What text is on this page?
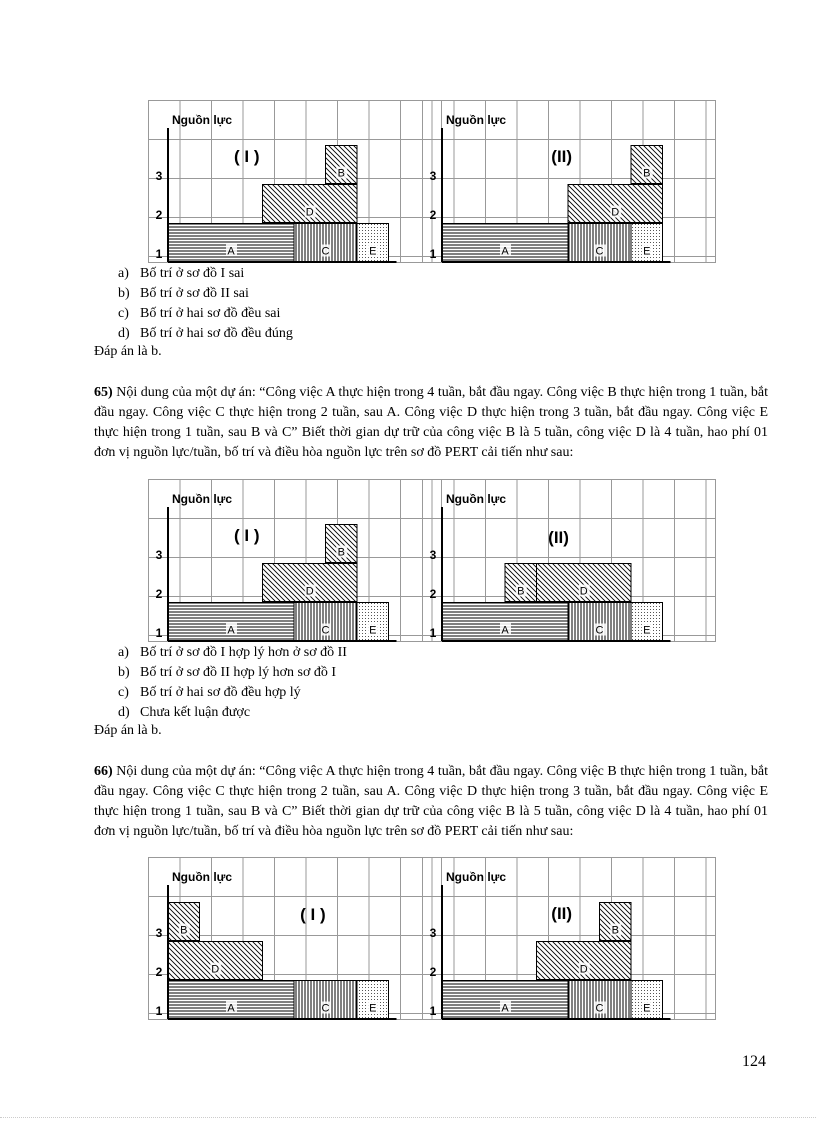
Nguồn lực
A	C	E
D
B
1
2
3
( I )
Nguồn lực
A	C	E
D
B
1
2
3
(II)
a) Bố trí ở sơ đồ I sai
b) Bố trí ở sơ đồ II sai
c) Bố trí ở hai sơ đồ đều sai
d) Bố trí ở hai sơ đồ đều đúng
Đáp án là b.
65) Nội dung của một dự án: “Công việc A thực hiện trong 4 tuần, bắt đầu ngay. Công việc B thực hiện trong 1 tuần, bắt đầu ngay. Công việc C thực hiện trong 2 tuần, sau A. Công việc D thực hiện trong 3 tuần, bắt đầu ngay. Công việc E thực hiện trong 1 tuần, sau B và C” Biết thời gian dự trữ của công việc B là 5 tuần, công việc D là 4 tuần, hao phí 01 đơn vị nguồn lực/tuần, bố trí và điều hòa nguồn lực trên sơ đồ PERT cải tiến như sau:
Nguồn lực
A	C	E
D
B
1
2
3
( I )
Nguồn lực
A	C	E
B	D
1
2
3
(II)
a) Bố trí ở sơ đồ I hợp lý hơn ở sơ đồ II
b) Bố trí ở sơ đồ II hợp lý hơn sơ đồ I
c) Bố trí ở hai sơ đồ đều hợp lý
d) Chưa kết luận được
Đáp án là b.
66) Nội dung của một dự án: “Công việc A thực hiện trong 4 tuần, bắt đầu ngay. Công việc B thực hiện trong 1 tuần, bắt đầu ngay. Công việc C thực hiện trong 2 tuần, sau A. Công việc D thực hiện trong 3 tuần, bắt đầu ngay. Công việc E thực hiện trong 1 tuần, sau B và C” Biết thời gian dự trữ của công việc B là 5 tuần, công việc D là 4 tuần, hao phí 01 đơn vị nguồn lực/tuần, bố trí và điều hòa nguồn lực trên sơ đồ PERT cải tiến như sau:
Nguồn lực
A	C	E
D
B
1
2
3
( I )
Nguồn lực
A	C	E
D
B
1
2
3
(II)
124
